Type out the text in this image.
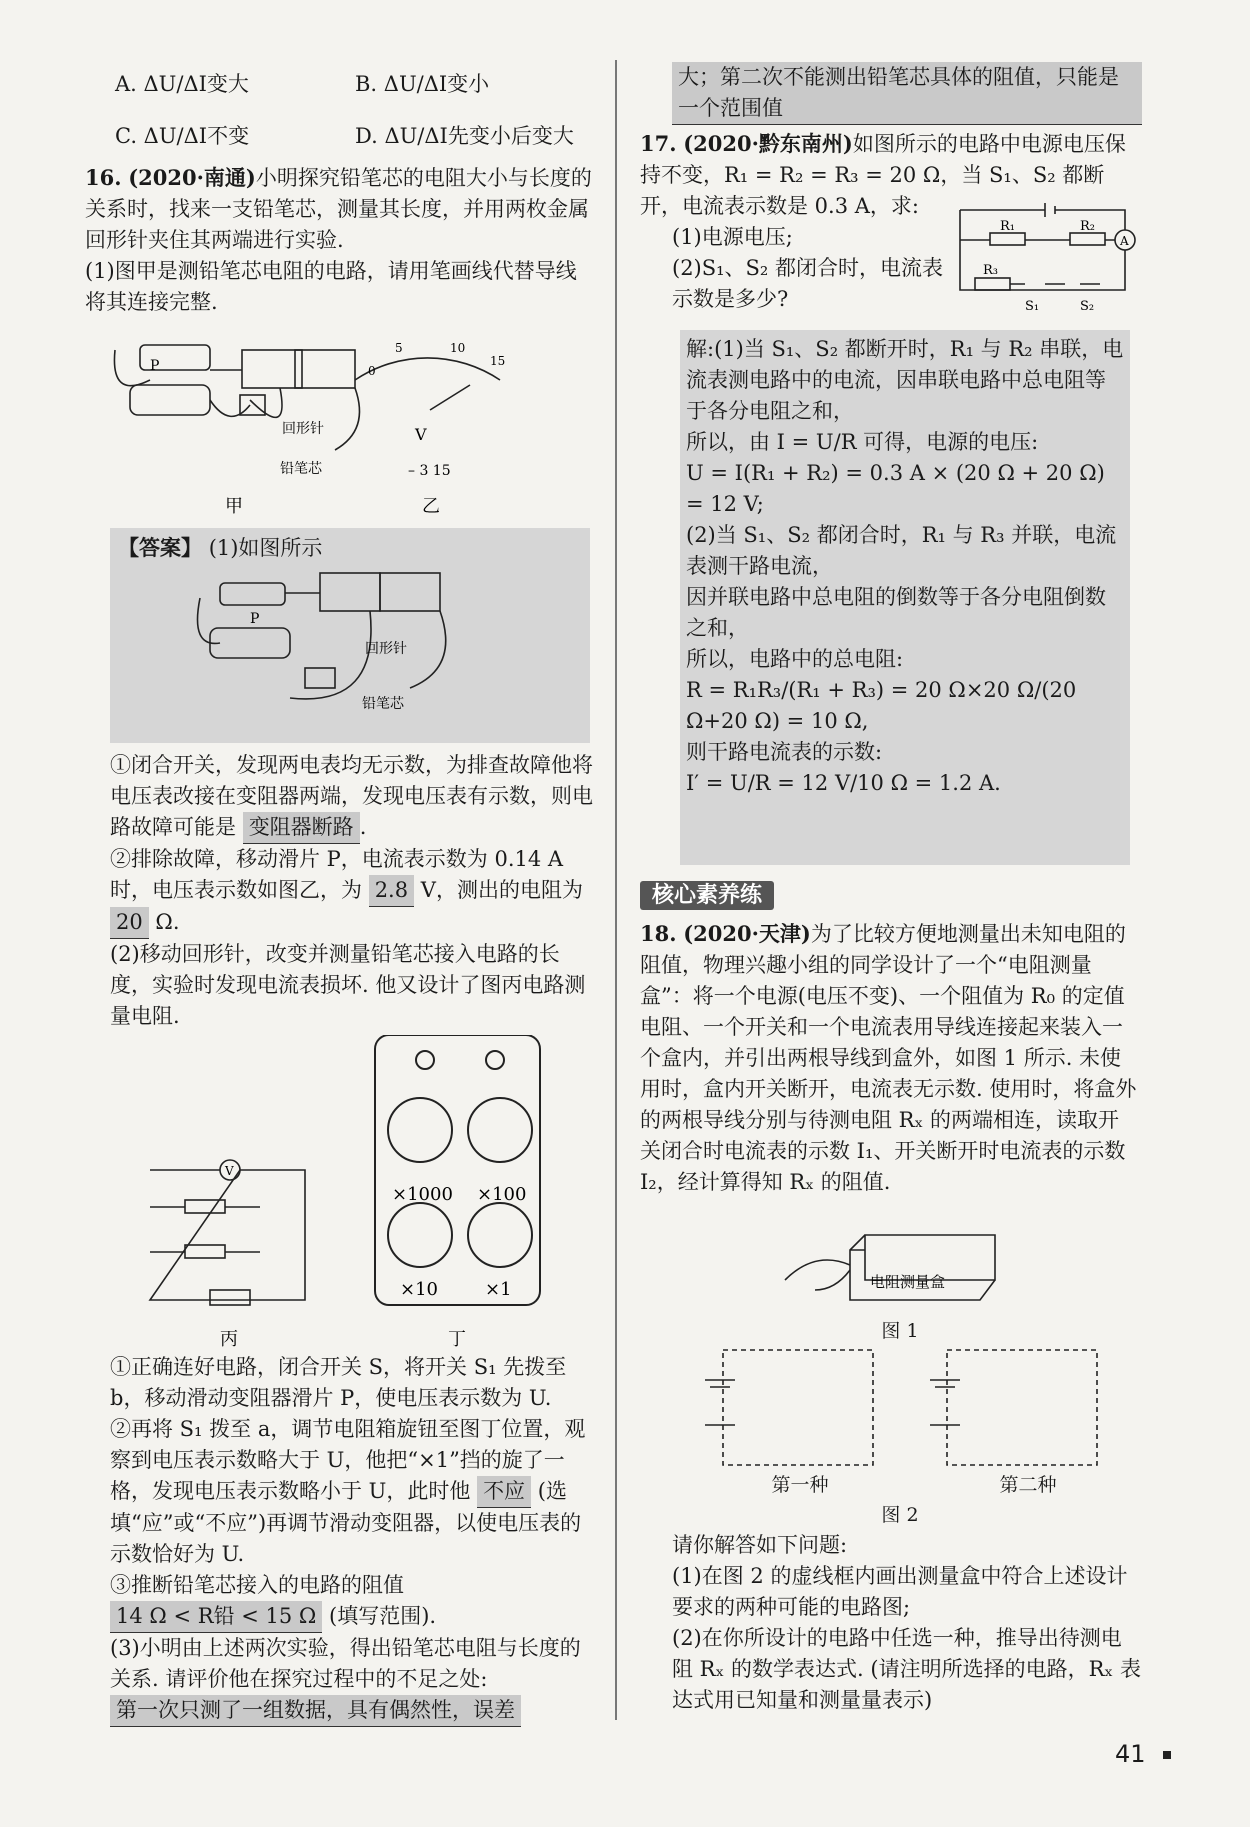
A. ΔU/ΔI变大	B. ΔU/ΔI变小
C. ΔU/ΔI不变	D. ΔU/ΔI先变小后变大
16. (2020·南通)小明探究铅笔芯的电阻大小与长度的关系时，找来一支铅笔芯，测量其长度，并用两枚金属回形针夹住其两端进行实验.
(1)图甲是测铅笔芯电阻的电路，请用笔画线代替导线将其连接完整.
P
回形针
铅笔芯
甲
0
5	10
15
V
– 3 15
乙
【答案】 (1)如图所示
P
回形针
铅笔芯
①闭合开关，发现两电表均无示数，为排查故障他将电压表改接在变阻器两端，发现电压表有示数，则电路故障可能是 变阻器断路 .
②排除故障，移动滑片 P，电流表示数为 0.14 A 时，电压表示数如图乙，为 2.8 V，测出的电阻为 20 Ω.
(2)移动回形针，改变并测量铅笔芯接入电路的长度，实验时发现电流表损坏. 他又设计了图丙电路测量电阻.
V
丙
×1000 ×100
×10	×1
丁
①正确连好电路，闭合开关 S，将开关 S₁ 先拨至 b，移动滑动变阻器滑片 P，使电压表示数为 U.
②再将 S₁ 拨至 a，调节电阻箱旋钮至图丁位置，观察到电压表示数略大于 U，他把“×1”挡的旋了一格，发现电压表示数略小于 U，此时他 不应 (选填“应”或“不应”)再调节滑动变阻器，以使电压表的示数恰好为 U.
③推断铅笔芯接入的电路的阻值 14 Ω < R铅 < 15 Ω (填写范围).
(3)小明由上述两次实验，得出铅笔芯电阻与长度的关系. 请评价他在探究过程中的不足之处:
第一次只测了一组数据，具有偶然性，误差
大；第二次不能测出铅笔芯具体的阻值，只能是一个范围值
17. (2020·黔东南州)如图所示的电路中电源电压保持不变，R₁ = R₂ = R₃ = 20 Ω，当 S₁、S₂ 都断开，电流表示数是 0.3 A，求:
R₁	R₂
A
R₃
S₁	S₂
(1)电源电压;
(2)S₁、S₂ 都闭合时，电流表示数是多少?
解:(1)当 S₁、S₂ 都断开时，R₁ 与 R₂ 串联，电流表测电路中的电流，因串联电路中总电阻等于各分电阻之和，
所以，由 I = U/R 可得，电源的电压:
U = I(R₁ + R₂) = 0.3 A × (20 Ω + 20 Ω) = 12 V;
(2)当 S₁、S₂ 都闭合时，R₁ 与 R₃ 并联，电流表测干路电流，
因并联电路中总电阻的倒数等于各分电阻倒数之和，
所以，电路中的总电阻:
R = R₁R₃/(R₁ + R₃) = 20 Ω×20 Ω/(20 Ω+20 Ω) = 10 Ω,
则干路电流表的示数:
I′ = U/R = 12 V/10 Ω = 1.2 A.
核心素养练
18. (2020·天津)为了比较方便地测量出未知电阻的阻值，物理兴趣小组的同学设计了一个“电阻测量盒”：将一个电源(电压不变)、一个阻值为 R₀ 的定值电阻、一个开关和一个电流表用导线连接起来装入一个盒内，并引出两根导线到盒外，如图 1 所示. 未使用时，盒内开关断开，电流表无示数. 使用时，将盒外的两根导线分别与待测电阻 Rₓ 的两端相连，读取开关闭合时电流表的示数 I₁、开关断开时电流表的示数 I₂，经计算得知 Rₓ 的阻值.
电阻测量盒
图 1
第一种	第二种
图 2
请你解答如下问题:
(1)在图 2 的虚线框内画出测量盒中符合上述设计要求的两种可能的电路图;
(2)在你所设计的电路中任选一种，推导出待测电阻 Rₓ 的数学表达式. (请注明所选择的电路，Rₓ 表达式用已知量和测量量表示)
41
